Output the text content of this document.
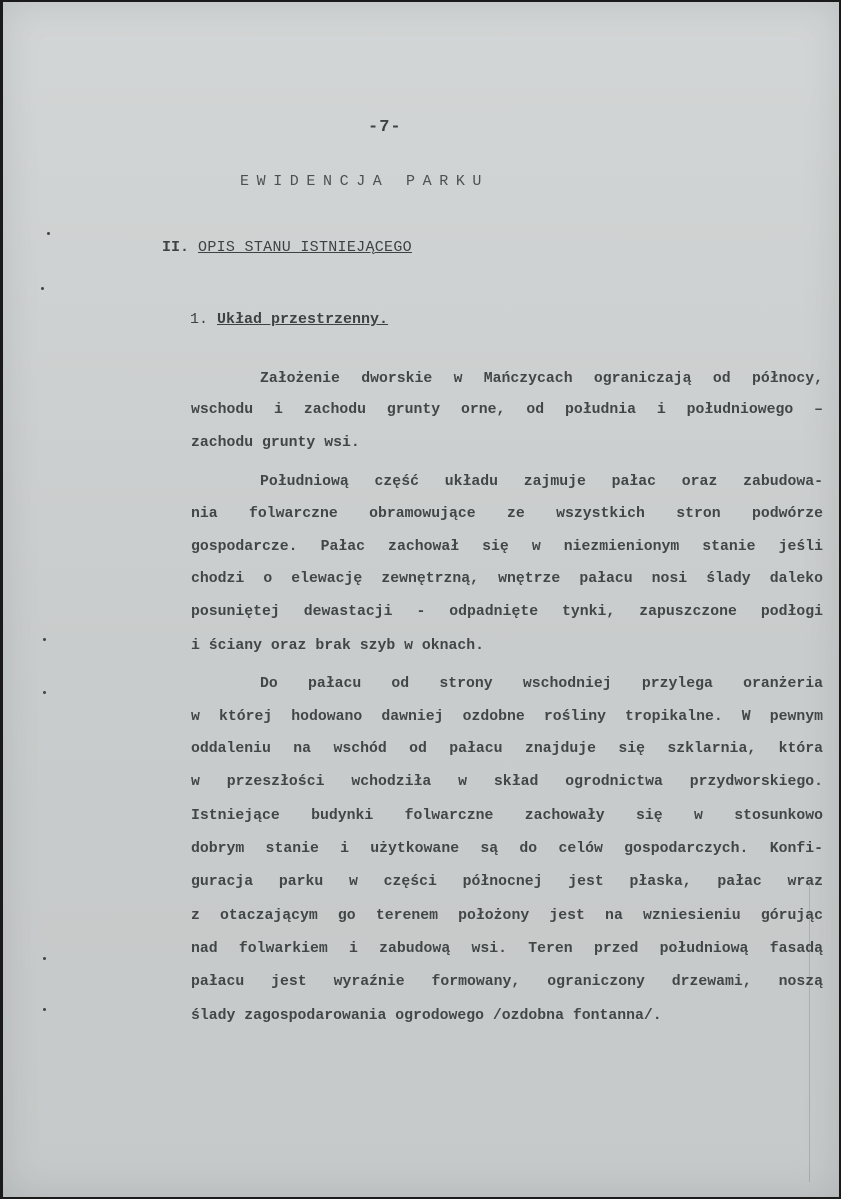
-7-
EWIDENCJA PARKU
II. OPIS STANU ISTNIEJĄCEGO
1. Układ przestrzenny.
Założenie dworskie w Mańczycach ograniczają od północy,
wschodu i zachodu grunty orne, od południa i południowego –
zachodu grunty wsi.
Południową część układu zajmuje pałac oraz zabudowa-
nia folwarczne obramowujące ze wszystkich stron podwórze
gospodarcze. Pałac zachował się w niezmienionym stanie jeśli
chodzi o elewację zewnętrzną, wnętrze pałacu nosi ślady daleko
posuniętej dewastacji - odpadnięte tynki, zapuszczone podłogi
i ściany oraz brak szyb w oknach.
Do pałacu od strony wschodniej przylega oranżeria
w której hodowano dawniej ozdobne rośliny tropikalne. W pewnym
oddaleniu na wschód od pałacu znajduje się szklarnia, która
w przeszłości wchodziła w skład ogrodnictwa przydworskiego.
Istniejące budynki folwarczne zachowały się w stosunkowo
dobrym stanie i użytkowane są do celów gospodarczych. Konfi-
guracja parku w części północnej jest płaska, pałac wraz
z otaczającym go terenem położony jest na wzniesieniu górując
nad folwarkiem i zabudową wsi. Teren przed południową fasadą
pałacu jest wyraźnie formowany, ograniczony drzewami, noszą
ślady zagospodarowania ogrodowego /ozdobna fontanna/.
